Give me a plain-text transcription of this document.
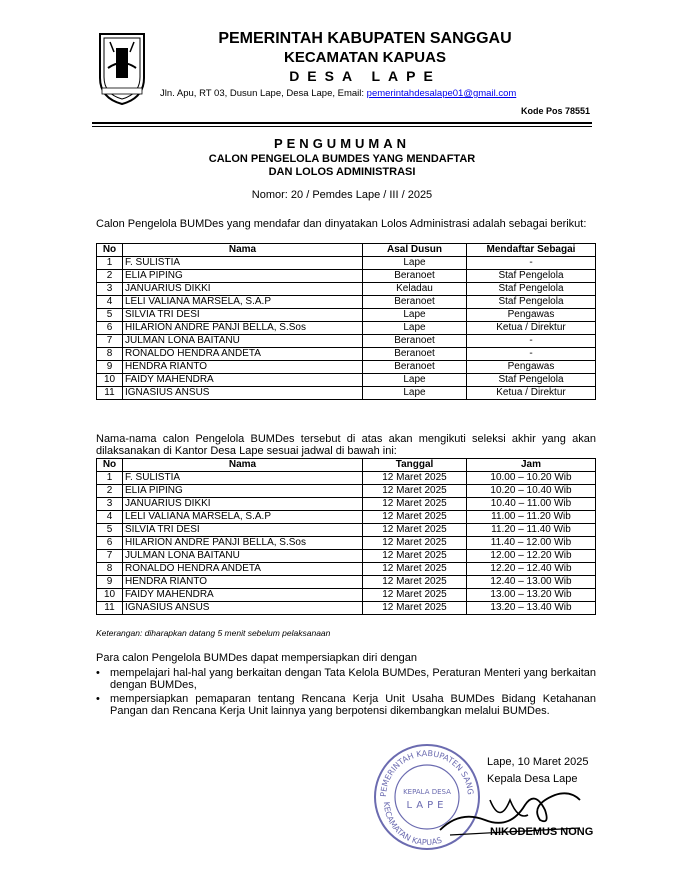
PEMERINTAH KABUPATEN SANGGAU
KECAMATAN KAPUAS
DESA LAPE
Jln. Apu, RT 03, Dusun Lape, Desa Lape, Email: pemerintahdesalape01@gmail.com
Kode Pos 78551
PENGUMUMAN
CALON PENGELOLA BUMDES YANG MENDAFTAR
DAN LOLOS ADMINISTRASI
Nomor: 20 / Pemdes Lape / III / 2025
Calon Pengelola BUMDes yang mendafar dan dinyatakan Lolos Administrasi adalah sebagai berikut:
No	Nama	Asal Dusun	Mendaftar Sebagai
1	F. SULISTIA	Lape	-
2	ELIA PIPING	Beranoet	Staf Pengelola
3	JANUARIUS DIKKI	Keladau	Staf Pengelola
4	LELI VALIANA MARSELA, S.A.P	Beranoet	Staf Pengelola
5	SILVIA TRI DESI	Lape	Pengawas
6	HILARION ANDRE PANJI BELLA, S.Sos	Lape	Ketua / Direktur
7	JULMAN LONA BAITANU	Beranoet	-
8	RONALDO HENDRA ANDETA	Beranoet	-
9	HENDRA RIANTO	Beranoet	Pengawas
10	FAIDY MAHENDRA	Lape	Staf Pengelola
11	IGNASIUS ANSUS	Lape	Ketua / Direktur
Nama-nama calon Pengelola BUMDes tersebut di atas akan mengikuti seleksi akhir yang akan dilaksanakan di Kantor Desa Lape sesuai jadwal di bawah ini:
No	Nama	Tanggal	Jam
1	F. SULISTIA	12 Maret 2025	10.00 – 10.20 Wib
2	ELIA PIPING	12 Maret 2025	10.20 – 10.40 Wib
3	JANUARIUS DIKKI	12 Maret 2025	10.40 – 11.00 Wib
4	LELI VALIANA MARSELA, S.A.P	12 Maret 2025	11.00 – 11.20 Wib
5	SILVIA TRI DESI	12 Maret 2025	11.20 – 11.40 Wib
6	HILARION ANDRE PANJI BELLA, S.Sos	12 Maret 2025	11.40 – 12.00 Wib
7	JULMAN LONA BAITANU	12 Maret 2025	12.00 – 12.20 Wib
8	RONALDO HENDRA ANDETA	12 Maret 2025	12.20 – 12.40 Wib
9	HENDRA RIANTO	12 Maret 2025	12.40 – 13.00 Wib
10	FAIDY MAHENDRA	12 Maret 2025	13.00 – 13.20 Wib
11	IGNASIUS ANSUS	12 Maret 2025	13.20 – 13.40 Wib
Keterangan: diharapkan datang 5 menit sebelum pelaksanaan
Para calon Pengelola BUMDes dapat mempersiapkan diri dengan
• mempelajari hal-hal yang berkaitan dengan Tata Kelola BUMDes, Peraturan Menteri yang berkaitan dengan BUMDes,
• mempersiapkan pemaparan tentang Rencana Kerja Unit Usaha BUMDes Bidang Ketahanan Pangan dan Rencana Kerja Unit lainnya yang berpotensi dikembangkan melalui BUMDes.
PEMERINTAH KABUPATEN SANG
KECAMATAN KAPUAS
KEPALA DESA
LAPE
Lape, 10 Maret 2025
Kepala Desa Lape
NIKODEMUS NONG
